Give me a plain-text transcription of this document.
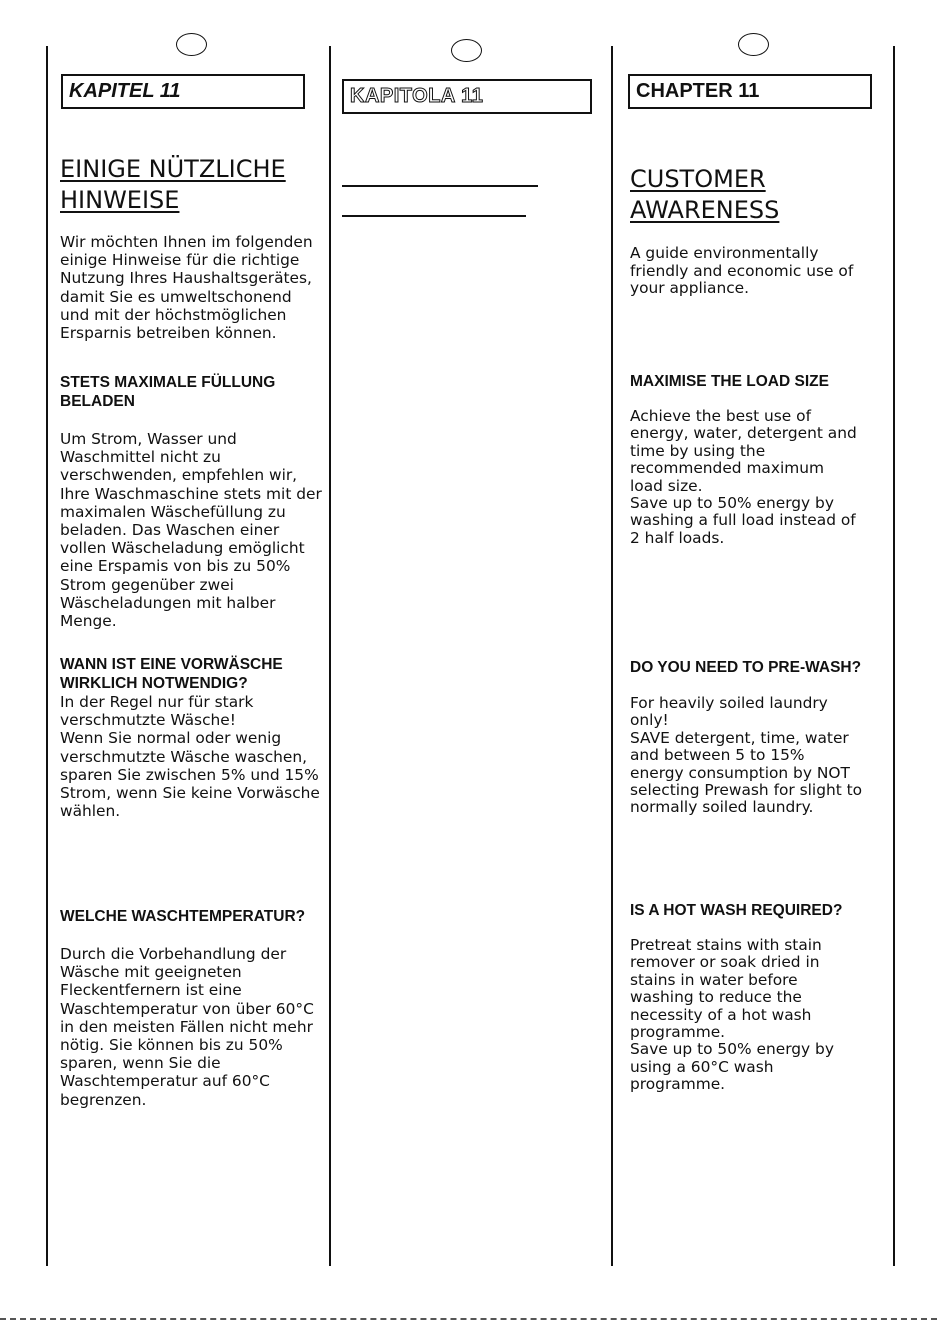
KAPITEL 11	KAPITOLA 11	CHAPTER 11
EINIGE NÜTZLICHE
HINWEISE
Wir möchten Ihnen im folgenden
einige Hinweise für die richtige
Nutzung Ihres Haushaltsgerätes,
damit Sie es umweltschonend
und mit der höchstmöglichen
Ersparnis betreiben können.
STETS MAXIMALE FÜLLUNG
BELADEN
Um Strom, Wasser und
Waschmittel nicht zu
verschwenden, empfehlen wir,
Ihre Waschmaschine stets mit der
maximalen Wäschefüllung zu
beladen. Das Waschen einer
vollen Wäscheladung emöglicht
eine Erspamis von bis zu 50%
Strom gegenüber zwei
Wäscheladungen mit halber
Menge.
WANN IST EINE VORWÄSCHE
WIRKLICH NOTWENDIG?
In der Regel nur für stark
verschmutzte Wäsche!
Wenn Sie normal oder wenig
verschmutzte Wäsche waschen,
sparen Sie zwischen 5% und 15%
Strom, wenn Sie keine Vorwäsche
wählen.
WELCHE WASCHTEMPERATUR?
Durch die Vorbehandlung der
Wäsche mit geeigneten
Fleckentfernern ist eine
Waschtemperatur von über 60°C
in den meisten Fällen nicht mehr
nötig. Sie können bis zu 50%
sparen, wenn Sie die
Waschtemperatur auf 60°C
begrenzen.
CUSTOMER
AWARENESS
A guide environmentally
friendly and economic use of
your appliance.
MAXIMISE THE LOAD SIZE
Achieve the best use of
energy, water, detergent and
time by using the
recommended maximum
load size.
Save up to 50% energy by
washing a full load instead of
2 half loads.
DO YOU NEED TO PRE-WASH?
For heavily soiled laundry
only!
SAVE detergent, time, water
and between 5 to 15%
energy consumption by NOT
selecting Prewash for slight to
normally soiled laundry.
IS A HOT WASH REQUIRED?
Pretreat stains with stain
remover or soak dried in
stains in water before
washing to reduce the
necessity of a hot wash
programme.
Save up to 50% energy by
using a 60°C wash
programme.
